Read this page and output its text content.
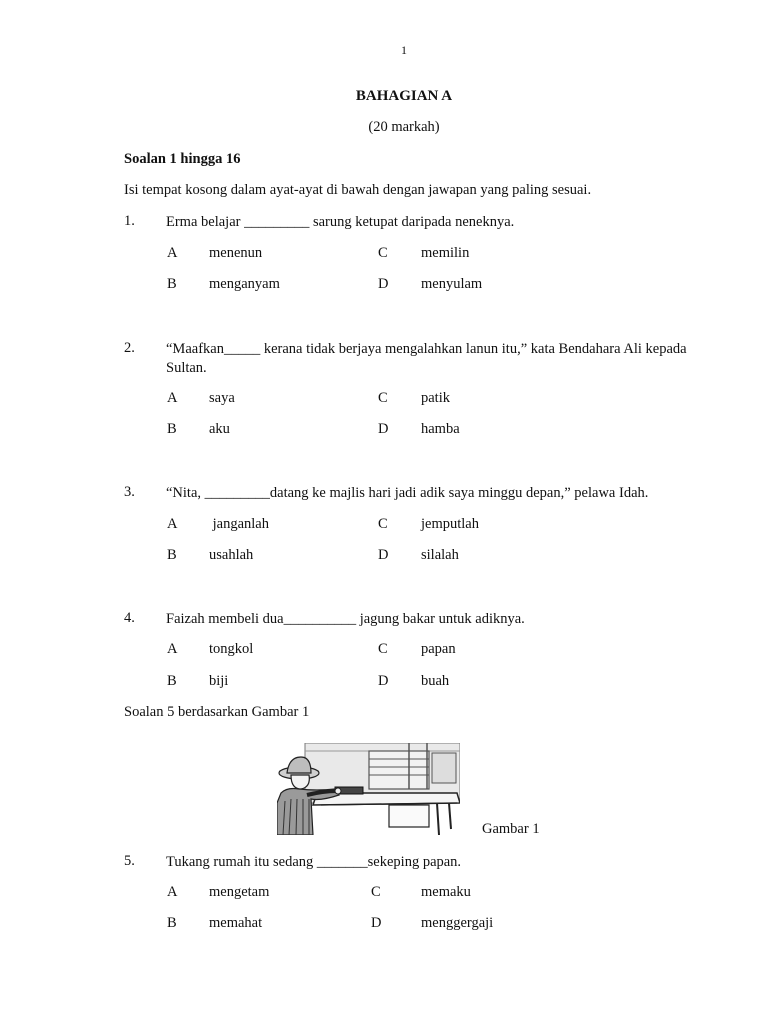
1
BAHAGIAN A
(20 markah)
Soalan 1 hingga 16
Isi tempat kosong dalam ayat-ayat di bawah dengan jawapan yang paling sesuai.
1. Erma belajar _________ sarung ketupat daripada neneknya.
A menenun	C memilin
B menganyam	D menyulam
2. “Maafkan_____ kerana tidak berjaya mengalahkan lanun itu,” kata Bendahara Ali kepada Sultan.
A saya	C patik
B aku	D hamba
3. “Nita, _________datang ke majlis hari jadi adik saya minggu depan,” pelawa Idah.
A janganlah	C jemputlah
B usahlah	D silalah
4. Faizah membeli dua__________ jagung bakar untuk adiknya.
A tongkol	C papan
B biji	D buah
Soalan 5 berdasarkan Gambar 1
Gambar 1
5. Tukang rumah itu sedang _______sekeping papan.
A mengetam	C	memaku
B memahat	D	menggergaji
